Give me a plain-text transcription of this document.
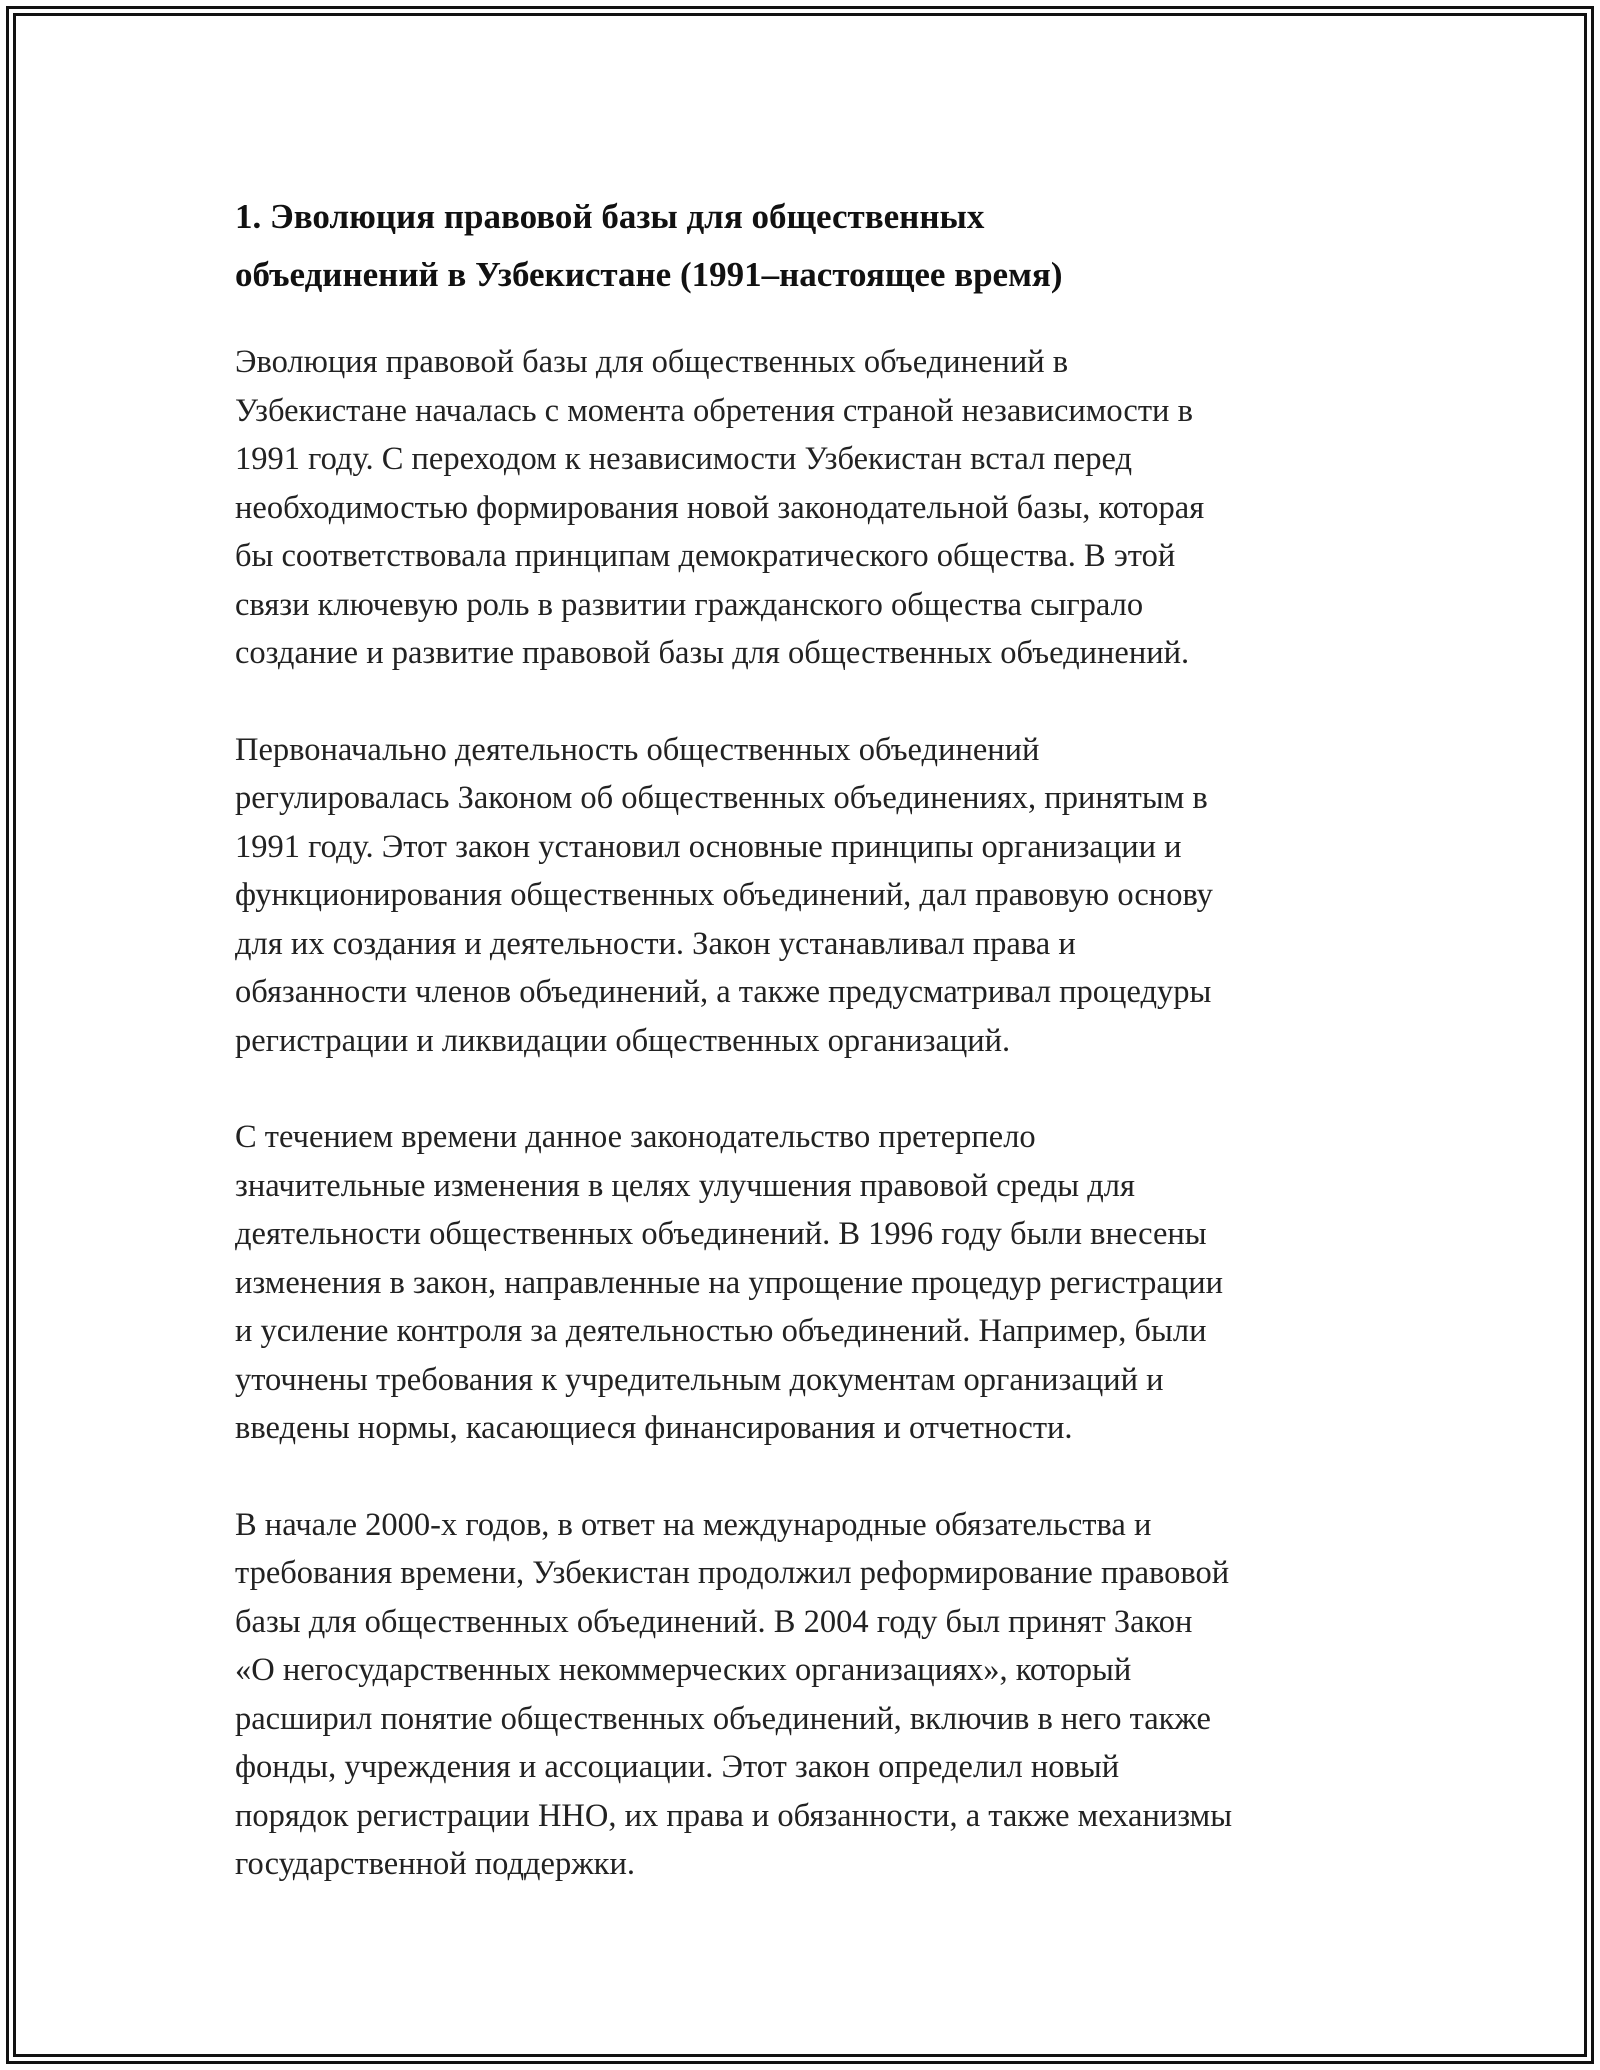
1. Эволюция правовой базы для общественных
объединений в Узбекистане (1991–настоящее время)

Эволюция правовой базы для общественных объединений в
Узбекистане началась с момента обретения страной независимости в
1991 году. С переходом к независимости Узбекистан встал перед
необходимостью формирования новой законодательной базы, которая
бы соответствовала принципам демократического общества. В этой
связи ключевую роль в развитии гражданского общества сыграло
создание и развитие правовой базы для общественных объединений.

Первоначально деятельность общественных объединений
регулировалась Законом об общественных объединениях, принятым в
1991 году. Этот закон установил основные принципы организации и
функционирования общественных объединений, дал правовую основу
для их создания и деятельности. Закон устанавливал права и
обязанности членов объединений, а также предусматривал процедуры
регистрации и ликвидации общественных организаций.

С течением времени данное законодательство претерпело
значительные изменения в целях улучшения правовой среды для
деятельности общественных объединений. В 1996 году были внесены
изменения в закон, направленные на упрощение процедур регистрации
и усиление контроля за деятельностью объединений. Например, были
уточнены требования к учредительным документам организаций и
введены нормы, касающиеся финансирования и отчетности.

В начале 2000-х годов, в ответ на международные обязательства и
требования времени, Узбекистан продолжил реформирование правовой
базы для общественных объединений. В 2004 году был принят Закон
«О негосударственных некоммерческих организациях», который
расширил понятие общественных объединений, включив в него также
фонды, учреждения и ассоциации. Этот закон определил новый
порядок регистрации ННО, их права и обязанности, а также механизмы
государственной поддержки.
